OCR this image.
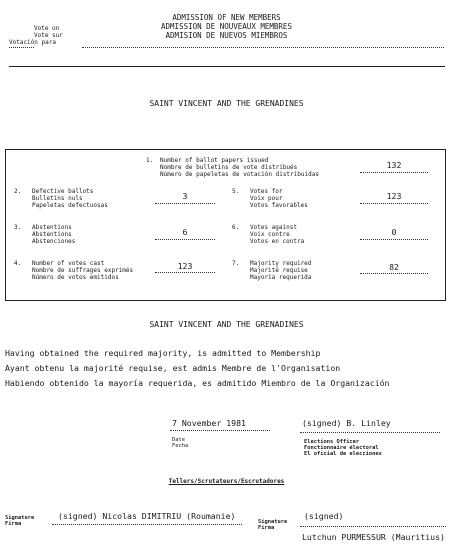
ADMISSION OF NEW MEMBERS
ADMISSION DE NOUVEAUX MEMBRES
ADMISION DE NUEVOS MIEMBROS
Vote on
Vote sur
Votación para
SAINT VINCENT AND THE GRENADINES
1. Number of ballot papers issued
Nombre de bulletins de vote distribués
Número de papeletas de votación distribuidas
132
2. Defective ballots
Bulletins nuls
Papeletas defectuosas
3	5. Votes for
Voix pour
Votos favorables
123
3. Abstentions
Abstentions
Abstenciones
6	6. Votes against
Voix contre
Votos en contra
0
4. Number of votes cast
Nombre de suffrages exprimés
Número de votos emitidos
123	7. Majority required
Majorité requise
Mayoría requerida
82
SAINT VINCENT AND THE GRENADINES
Having obtained the required majority, is admitted to Membership
Ayant obtenu la majorité requise, est admis Membre de l'Organisation
Habiendo obtenido la mayoría requerida, es admitido Miembro de la Organización
7 November 1981
Date
Fecha
(signed) B. Linley
Elections Officer
Fonctionnaire électoral
El oficial de elecciones
Tellers/Scrutateurs/Escrutadores
Signature
Firma
(signed) Nicolas DIMITRIU (Roumanie)
Signature
Firma
(signed)
Lutchun PURMESSUR (Mauritius)
